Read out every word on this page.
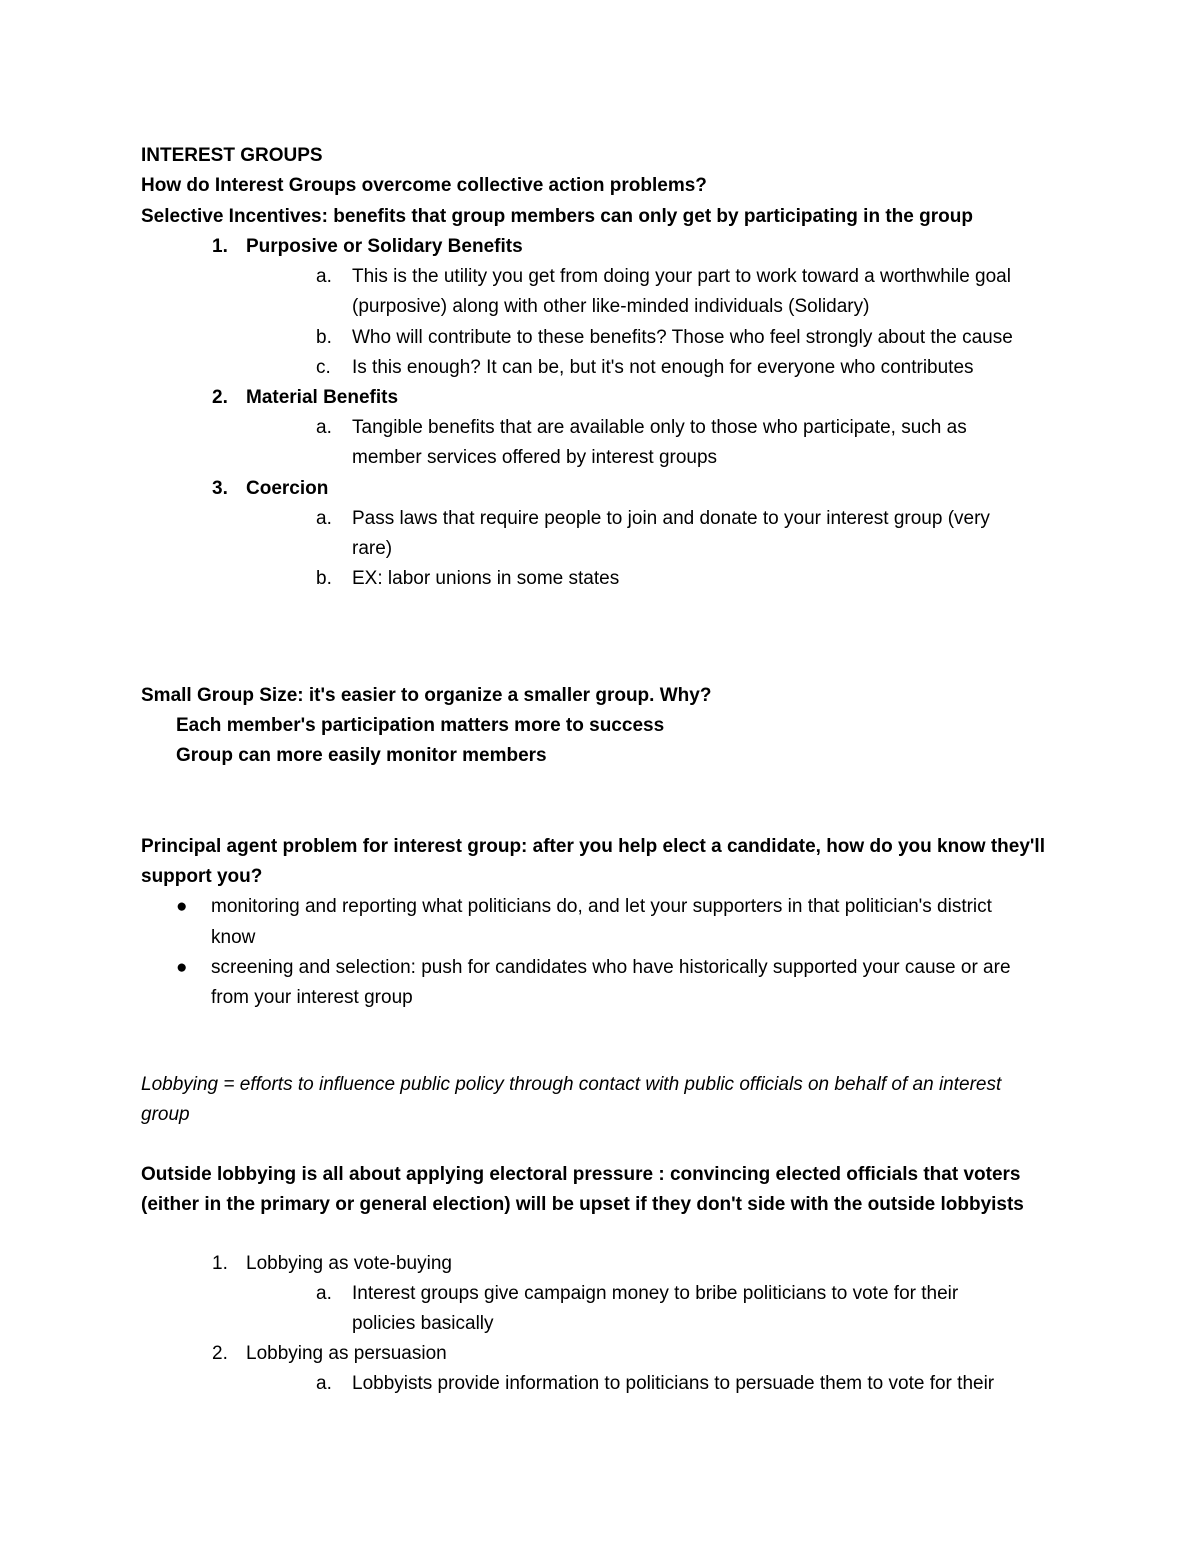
INTEREST GROUPS
How do Interest Groups overcome collective action problems?
Selective Incentives: benefits that group members can only get by participating in the group
1. Purposive or Solidary Benefits
a. This is the utility you get from doing your part to work toward a worthwhile goal
(purposive) along with other like-minded individuals (Solidary)
b. Who will contribute to these benefits? Those who feel strongly about the cause
c. Is this enough? It can be, but it's not enough for everyone who contributes
2. Material Benefits
a. Tangible benefits that are available only to those who participate, such as
member services offered by interest groups
3. Coercion
a. Pass laws that require people to join and donate to your interest group (very
rare)
b. EX: labor unions in some states
Small Group Size: it's easier to organize a smaller group. Why?
Each member's participation matters more to success
Group can more easily monitor members
Principal agent problem for interest group: after you help elect a candidate, how do you know they'll
support you?
● monitoring and reporting what politicians do, and let your supporters in that politician's district
know
● screening and selection: push for candidates who have historically supported your cause or are
from your interest group
Lobbying = efforts to influence public policy through contact with public officials on behalf of an interest
group
Outside lobbying is all about applying electoral pressure : convincing elected officials that voters
(either in the primary or general election) will be upset if they don't side with the outside lobbyists
1. Lobbying as vote-buying
a. Interest groups give campaign money to bribe politicians to vote for their
policies basically
2. Lobbying as persuasion
a. Lobbyists provide information to politicians to persuade them to vote for their
